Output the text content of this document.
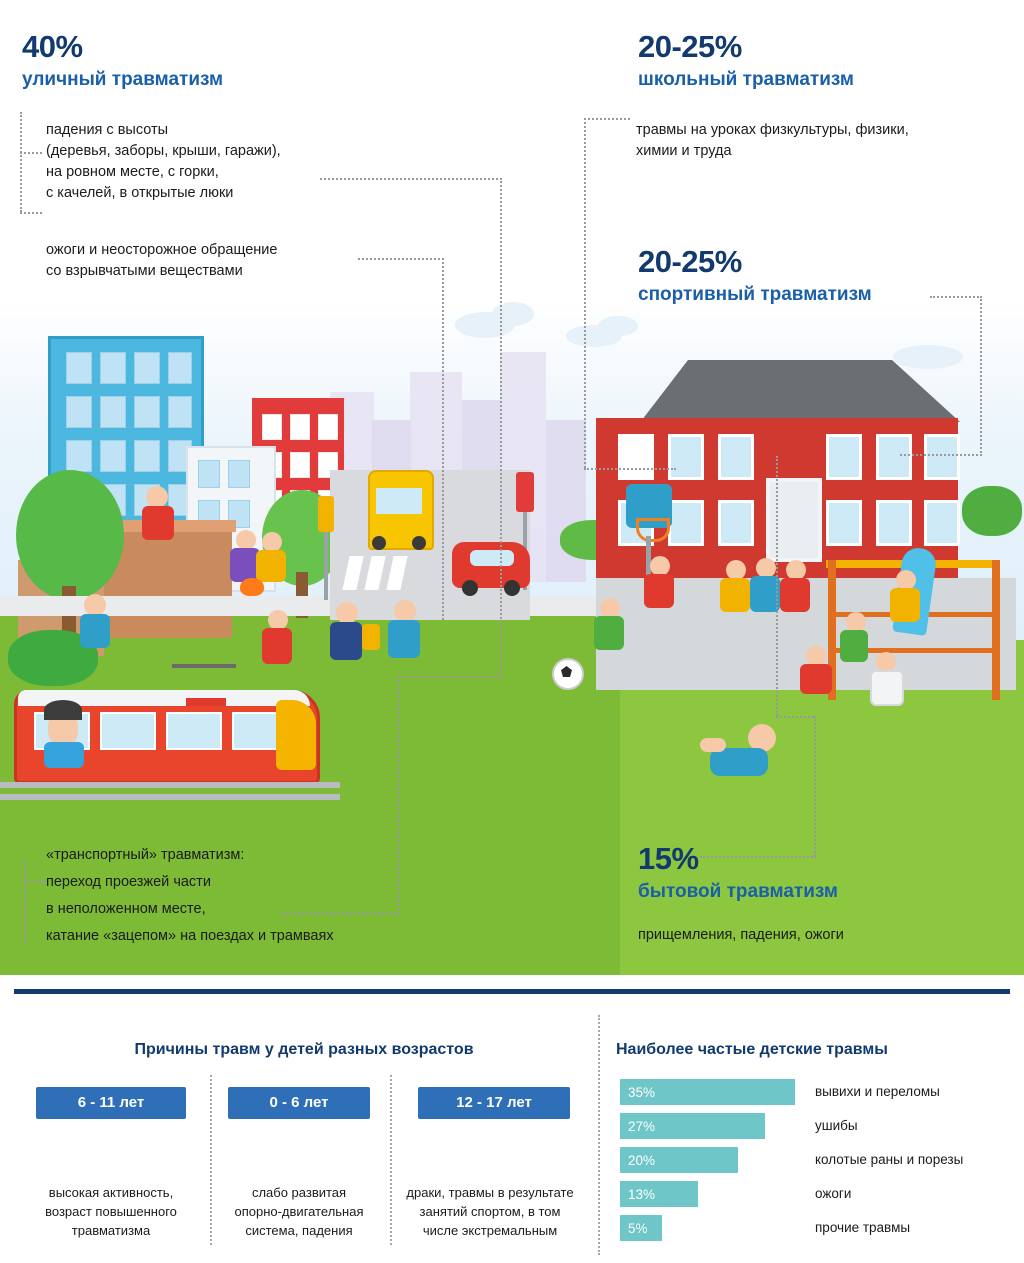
40%
уличный травматизм
падения с высоты
(деревья, заборы, крыши, гаражи),
на ровном месте, с горки,
с качелей, в открытые люки
ожоги и неосторожное обращение
со взрывчатыми веществами
20-25%
школьный травматизм
травмы на уроках физкультуры, физики,
химии и труда
20-25%
спортивный травматизм
15%
бытовой травматизм
прищемления, падения, ожоги
«транспортный» травматизм:
переход проезжей части
в неположенном месте,
катание «зацепом» на поездах и трамваях
Причины травм у детей разных возрастов
6 - 11 лет
высокая активность,
возраст повышенного
травматизма
0 - 6 лет
слабо развитая
опорно-двигательная
система, падения
12 - 17 лет
драки, травмы в результате
занятий спортом, в том
числе экстремальным
Наиболее частые детские травмы
35%	вывихи и переломы
27%	ушибы
20%	колотые раны и порезы
13%	ожоги
5%	прочие травмы
